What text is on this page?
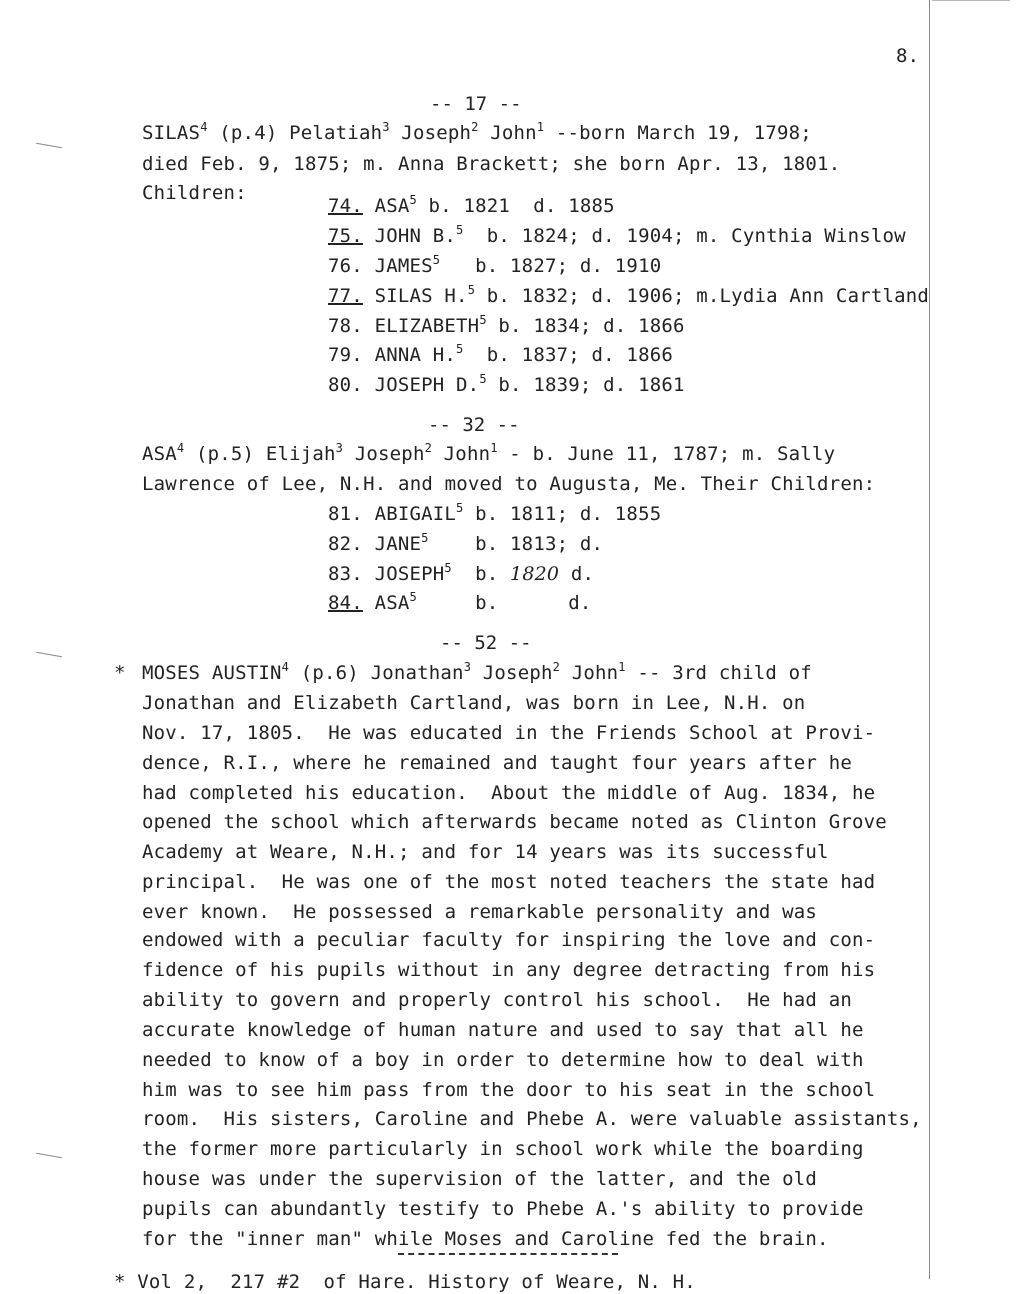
8.
-- 17 --
SILAS$^4$ (p.4) Pelatiah$^3$ Joseph$^2$ John$^1$ --born March 19, 1798;
died Feb. 9, 1875; m. Anna Brackett; she born Apr. 13, 1801.
Children:
74. ASA$^5$ b. 1821  d. 1885
75. JOHN B.$^5$  b. 1824; d. 1904; m. Cynthia Winslow
76. JAMES$^5$   b. 1827; d. 1910
77. SILAS H.$^5$ b. 1832; d. 1906; m.Lydia Ann Cartland
78. ELIZABETH$^5$ b. 1834; d. 1866
79. ANNA H.$^5$  b. 1837; d. 1866
80. JOSEPH D.$^5$ b. 1839; d. 1861
-- 32 --
ASA$^4$ (p.5) Elijah$^3$ Joseph$^2$ John$^1$ - b. June 11, 1787; m. Sally
Lawrence of Lee, N.H. and moved to Augusta, Me. Their Children:
81. ABIGAIL$^5$ b. 1811; d. 1855
82. JANE$^5$    b. 1813; d.
83. JOSEPH$^5$  b. 1820 d.
84. ASA$^5$     b.      d.
-- 52 --
* MOSES AUSTIN$^4$ (p.6) Jonathan$^3$ Joseph$^2$ John$^1$ -- 3rd child of
Jonathan and Elizabeth Cartland, was born in Lee, N.H. on
Nov. 17, 1805.  He was educated in the Friends School at Provi-
dence, R.I., where he remained and taught four years after he
had completed his education.  About the middle of Aug. 1834, he
opened the school which afterwards became noted as Clinton Grove
Academy at Weare, N.H.; and for 14 years was its successful
principal.  He was one of the most noted teachers the state had
ever known.  He possessed a remarkable personality and was
endowed with a peculiar faculty for inspiring the love and con-
fidence of his pupils without in any degree detracting from his
ability to govern and properly control his school.  He had an
accurate knowledge of human nature and used to say that all he
needed to know of a boy in order to determine how to deal with
him was to see him pass from the door to his seat in the school
room.  His sisters, Caroline and Phebe A. were valuable assistants,
the former more particularly in school work while the boarding
house was under the supervision of the latter, and the old
pupils can abundantly testify to Phebe A.'s ability to provide
for the "inner man" while Moses and Caroline fed the brain.
* Vol 2,  217 #2  of Hare. History of Weare, N. H.
